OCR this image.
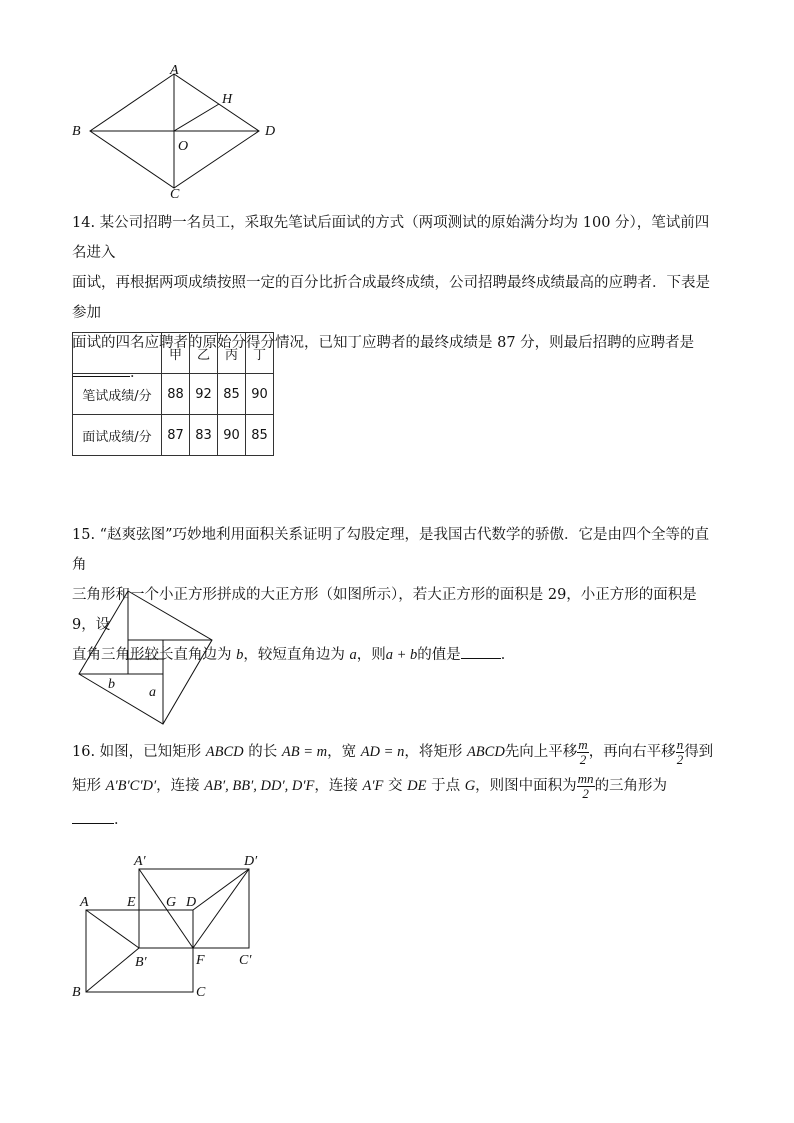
A
H
B	D
O
C

14. 某公司招聘一名员工，采取先笔试后面试的方式（两项测试的原始满分均为 100 分），笔试前四名进入

面试，再根据两项成绩按照一定的百分比折合成最终成绩，公司招聘最终成绩最高的应聘者．下表是参加

面试的四名应聘者的原始分得分情况，已知丁应聘者的最终成绩是 87 分，则最后招聘的应聘者是

．

	甲	乙	丙	丁
笔试成绩/分	88	92	85	90
面试成绩/分	87	83	90	85

15. “赵爽弦图”巧妙地利用面积关系证明了勾股定理，是我国古代数学的骄傲．它是由四个全等的直角

三角形和一个小正方形拼成的大正方形（如图所示），若大正方形的面积是 29，小正方形的面积是 9，设

直角三角形较长直角边为 b，较短直角边为 a，则a + b的值是	．

b
a

16. 如图，已知矩形 ABCD 的长 AB = m，宽 AD = n，将矩形 ABCD先向上平移 $\frac{m}{2}$ ，再向右平移 $\frac{n}{2}$ 得到

矩形 A′B′C′D′，连接 AB′, BB′, DD′, D′F，连接 A′F 交 DE 于点 G，则图中面积为 $\frac{mn}{2}$ 的三角形为

．

A′	D′
A	E G D
B′	F C′
B	C
